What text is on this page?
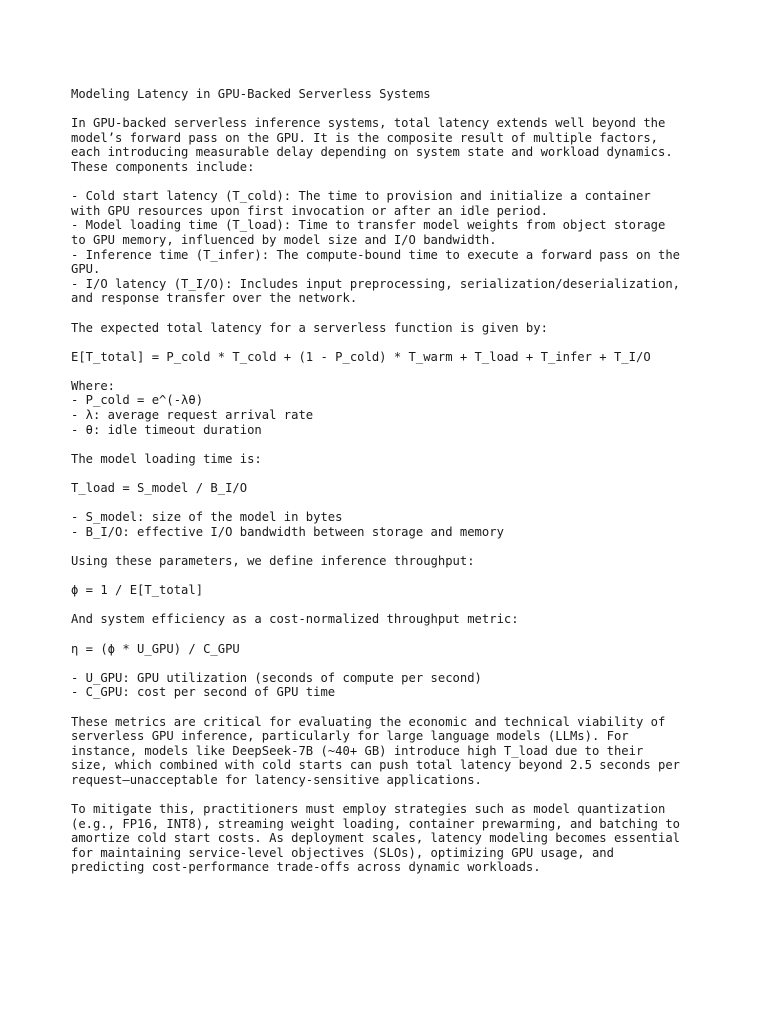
Modeling Latency in GPU-Backed Serverless Systems
In GPU-backed serverless inference systems, total latency extends well beyond the
model’s forward pass on the GPU. It is the composite result of multiple factors,
each introducing measurable delay depending on system state and workload dynamics.
These components include:
- Cold start latency (T_cold): The time to provision and initialize a container
with GPU resources upon first invocation or after an idle period.
- Model loading time (T_load): Time to transfer model weights from object storage
to GPU memory, influenced by model size and I/O bandwidth.
- Inference time (T_infer): The compute-bound time to execute a forward pass on the
GPU.
- I/O latency (T_I/O): Includes input preprocessing, serialization/deserialization,
and response transfer over the network.
The expected total latency for a serverless function is given by:
E[T_total] = P_cold * T_cold + (1 - P_cold) * T_warm + T_load + T_infer + T_I/O
Where:
- P_cold = e^(-λθ)
- λ: average request arrival rate
- θ: idle timeout duration
The model loading time is:
T_load = S_model / B_I/O
- S_model: size of the model in bytes
- B_I/O: effective I/O bandwidth between storage and memory
Using these parameters, we define inference throughput:
ϕ = 1 / E[T_total]
And system efficiency as a cost-normalized throughput metric:
η = (ϕ * U_GPU) / C_GPU
- U_GPU: GPU utilization (seconds of compute per second)
- C_GPU: cost per second of GPU time
These metrics are critical for evaluating the economic and technical viability of
serverless GPU inference, particularly for large language models (LLMs). For
instance, models like DeepSeek-7B (~40+ GB) introduce high T_load due to their
size, which combined with cold starts can push total latency beyond 2.5 seconds per
request—unacceptable for latency-sensitive applications.
To mitigate this, practitioners must employ strategies such as model quantization
(e.g., FP16, INT8), streaming weight loading, container prewarming, and batching to
amortize cold start costs. As deployment scales, latency modeling becomes essential
for maintaining service-level objectives (SLOs), optimizing GPU usage, and
predicting cost-performance trade-offs across dynamic workloads.
